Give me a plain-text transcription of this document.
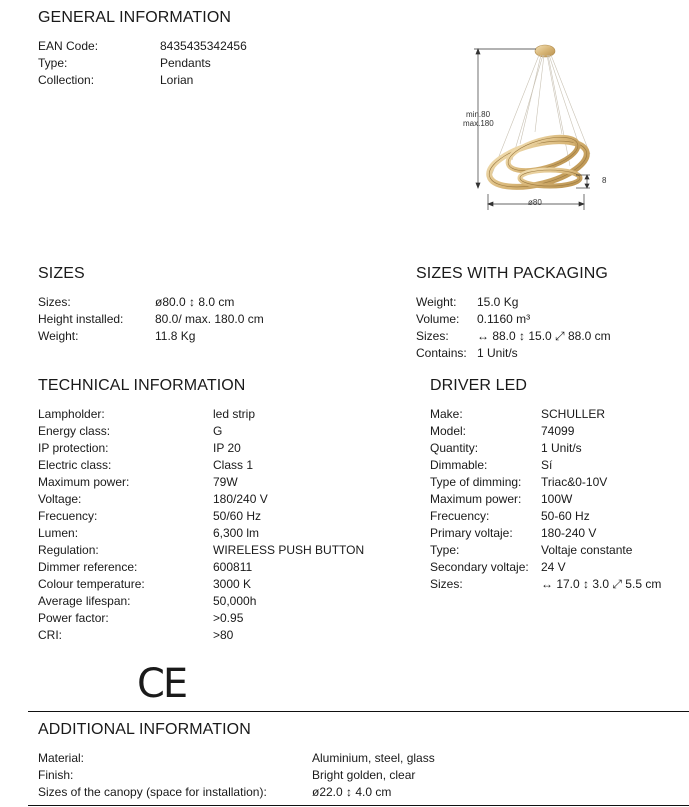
GENERAL INFORMATION
EAN Code:	8435435342456
Type:	Pendants
Collection:	Lorian
min.80
max.180
8
ø80
SIZES
Sizes:	ø80.0 ↕ 8.0 cm
Height installed:	80.0/ max. 180.0 cm
Weight:	11.8 Kg
SIZES WITH PACKAGING
Weight: 15.0 Kg
Volume: 0.1160 m³
Sizes: ↔ 88.0 ↕ 15.0 ⤢ 88.0 cm
Contains: 1 Unit/s
TECHNICAL INFORMATION
Lampholder:	led strip
Energy class:	G
IP protection:	IP 20
Electric class:	Class 1
Maximum power:	79W
Voltage:	180/240 V
Frecuency:	50/60 Hz
Lumen:	6,300 lm
Regulation:	WIRELESS PUSH BUTTON
Dimmer reference:	600811
Colour temperature:	3000 K
Average lifespan:	50,000h
Power factor:	>0.95
CRI:	>80
DRIVER LED
Make:	SCHULLER
Model:	74099
Quantity:	1 Unit/s
Dimmable:	Sí
Type of dimming: Triac&0-10V
Maximum power: 100W
Frecuency:	50-60 Hz
Primary voltaje: 180-240 V
Type:	Voltaje constante
Secondary voltaje: 24 V
Sizes:	↔ 17.0 ↕ 3.0 ⤢ 5.5 cm
CE
ADDITIONAL INFORMATION
Material:	Aluminium, steel, glass
Finish:	Bright golden, clear
Sizes of the canopy (space for installation):	ø22.0 ↕ 4.0 cm
